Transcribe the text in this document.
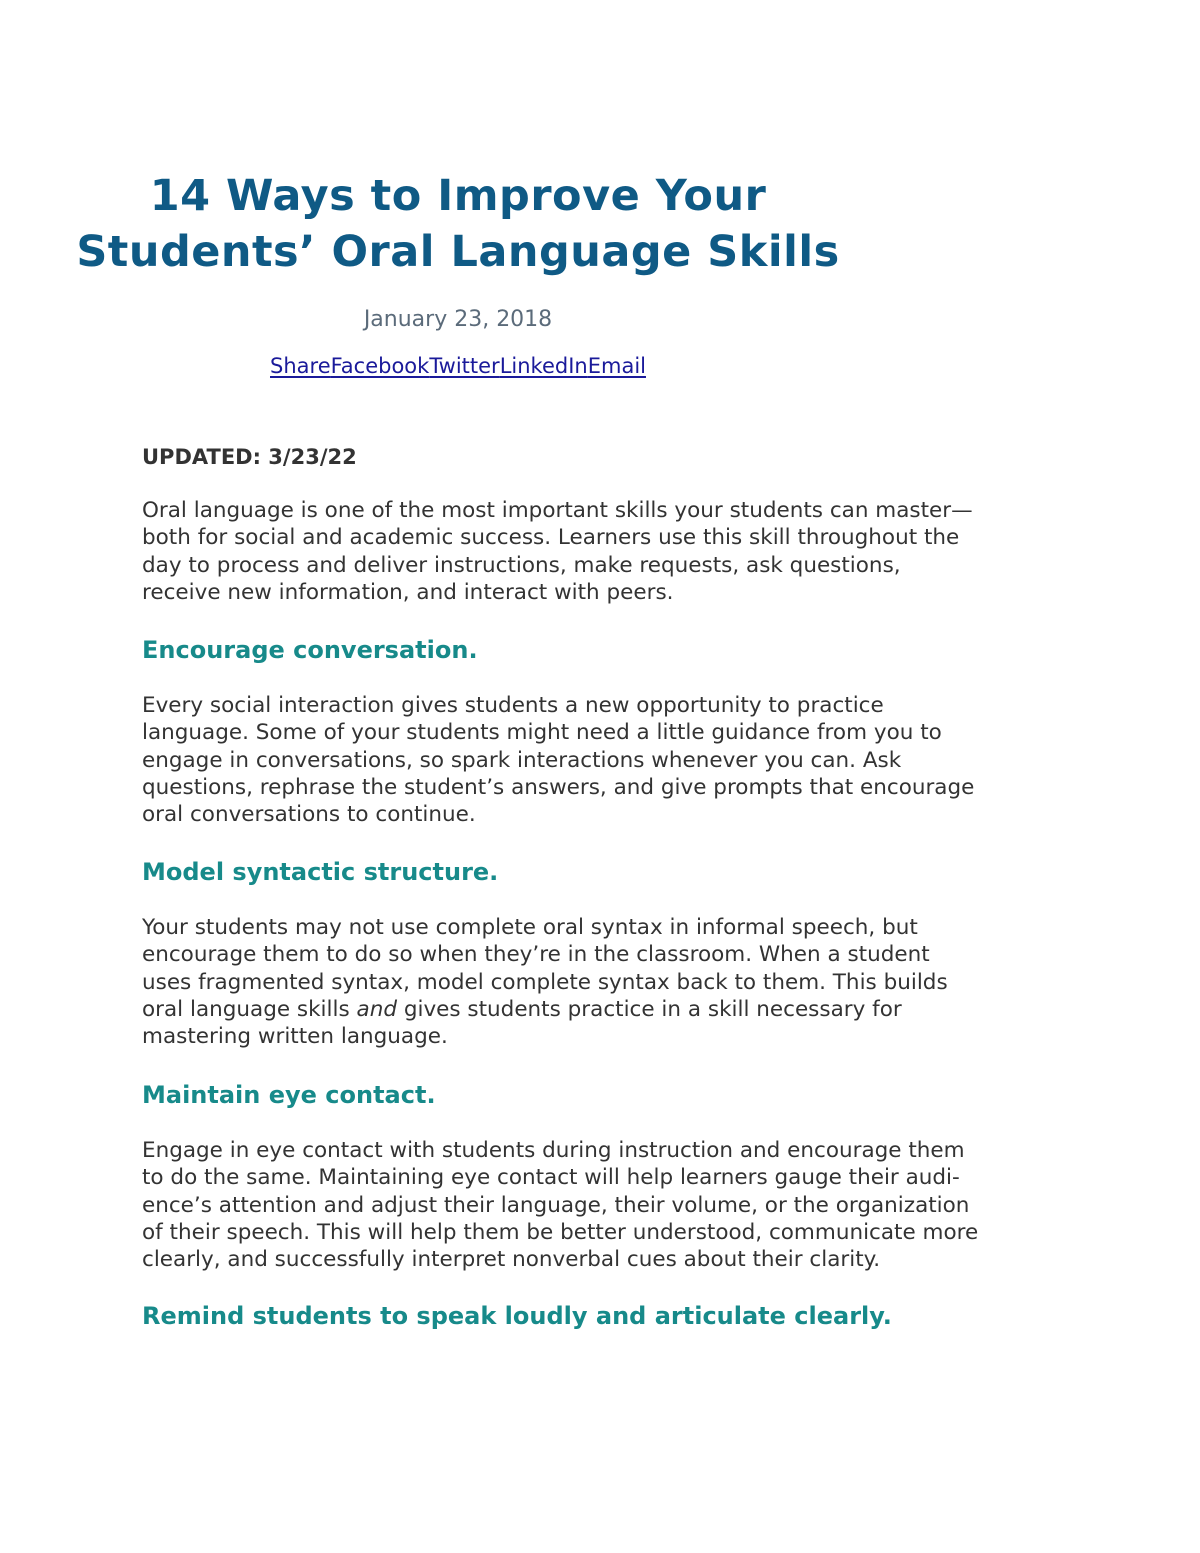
14 Ways to Improve Your
Students’ Oral Language Skills
January 23, 2018
ShareFacebookTwitterLinkedInEmail

UPDATED: 3/23/22

Oral language is one of the most important skills your students can master—
both for social and academic success. Learners use this skill throughout the
day to process and deliver instructions, make requests, ask questions,
receive new information, and interact with peers.

Encourage conversation.

Every social interaction gives students a new opportunity to practice
language. Some of your students might need a little guidance from you to
engage in conversations, so spark interactions whenever you can. Ask
questions, rephrase the student’s answers, and give prompts that encourage
oral conversations to continue.

Model syntactic structure.

Your students may not use complete oral syntax in informal speech, but
encourage them to do so when they’re in the classroom. When a student
uses fragmented syntax, model complete syntax back to them. This builds
oral language skills and gives students practice in a skill necessary for
mastering written language.

Maintain eye contact.

Engage in eye contact with students during instruction and encourage them
to do the same. Maintaining eye contact will help learners gauge their audi-
ence’s attention and adjust their language, their volume, or the organization
of their speech. This will help them be better understood, communicate more
clearly, and successfully interpret nonverbal cues about their clarity.

Remind students to speak loudly and articulate clearly.
